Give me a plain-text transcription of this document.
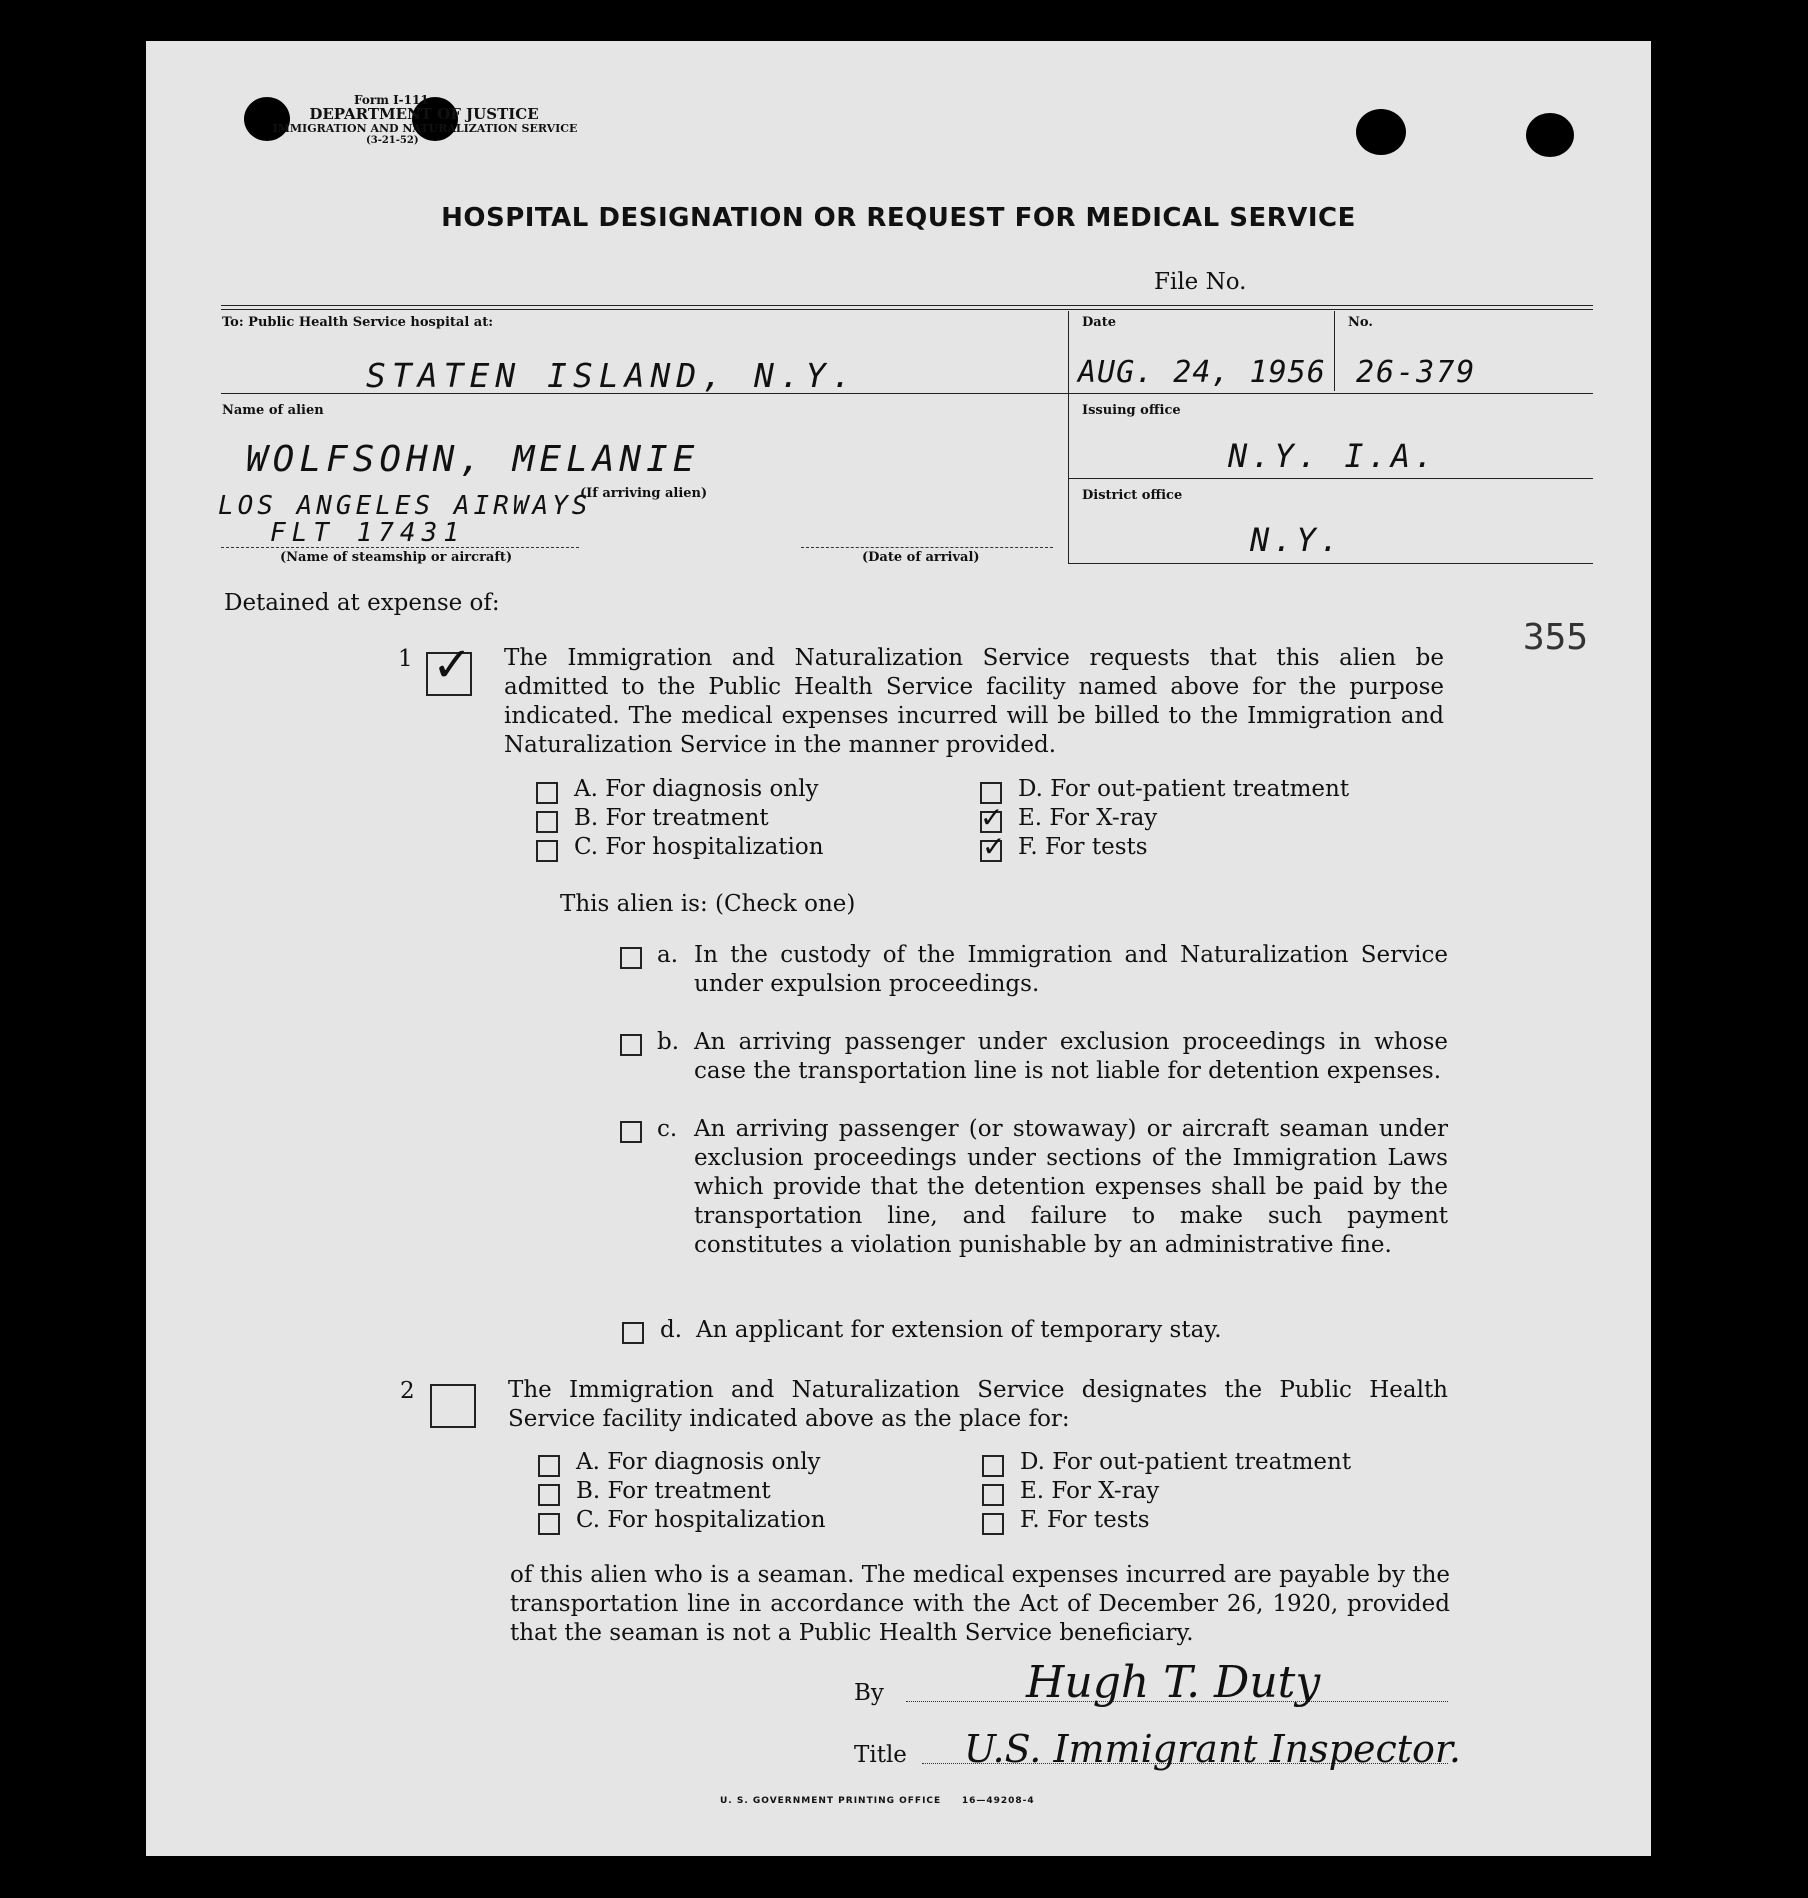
Form I-111
DEPARTMENT OF JUSTICE
IMMIGRATION AND NATURALIZATION SERVICE
(3-21-52)
HOSPITAL DESIGNATION OR REQUEST FOR MEDICAL SERVICE
File No.
To: Public Health Service hospital at:
STATEN ISLAND, N.Y.
Date
AUG. 24, 1956
No.
26-379
Name of alien
WOLFSOHN, MELANIE
Issuing office
N.Y. I.A.
(If arriving alien)
LOS ANGELES AIRWAYS
FLT 17431
(Name of steamship or aircraft)	(Date of arrival)
District office
N.Y.
Detained at expense of:
355
1 ✓ The Immigration and Naturalization Service requests that this alien be admitted to the Public Health Service facility named above for the purpose indicated. The medical expenses incurred will be billed to the Immigration and Naturalization Service in the manner provided.
A. For diagnosis only
B. For treatment
C. For hospitalization
D. For out-patient treatment
✓ E. For X-ray
✓ F. For tests
This alien is: (Check one)
a. In the custody of the Immigration and Naturalization Service under expulsion proceedings.
b. An arriving passenger under exclusion proceedings in whose case the transportation line is not liable for detention expenses.
c. An arriving passenger (or stowaway) or aircraft seaman under exclusion proceedings under sections of the Immigration Laws which provide that the detention expenses shall be paid by the transportation line, and failure to make such payment constitutes a violation punishable by an administrative fine.
d. An applicant for extension of temporary stay.
2	The Immigration and Naturalization Service designates the Public Health Service facility indicated above as the place for:
A. For diagnosis only
B. For treatment
C. For hospitalization
D. For out-patient treatment
E. For X-ray
F. For tests
of this alien who is a seaman. The medical expenses incurred are payable by the transportation line in accordance with the Act of December 26, 1920, provided that the seaman is not a Public Health Service beneficiary.
By	Hugh T. Duty
Title U.S. Immigrant Inspector.
U. S. GOVERNMENT PRINTING OFFICE     16—49208-4
